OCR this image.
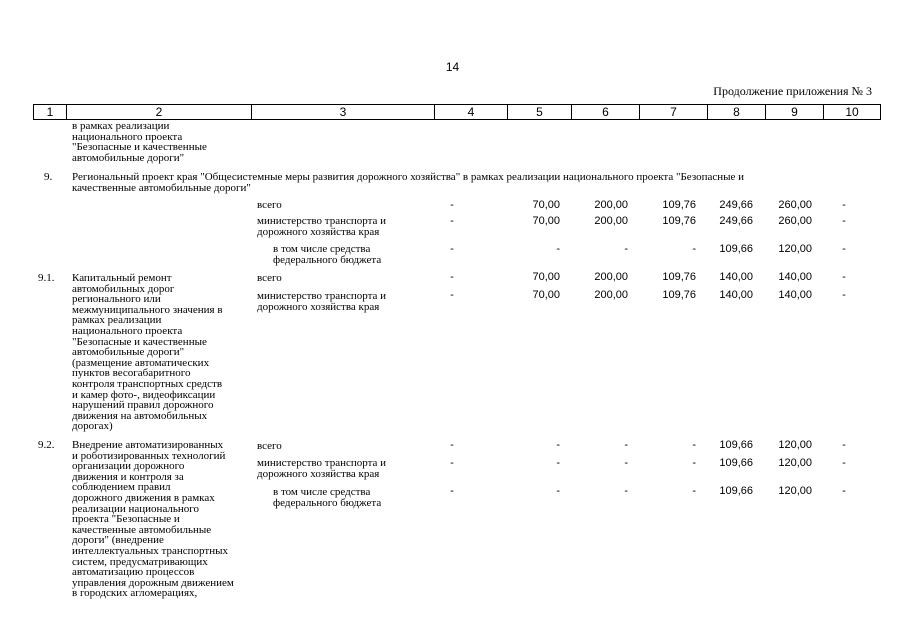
14
Продолжение приложения № 3
1	2	3	4	5	6	7	8	9	10
в рамках реализации
национального проекта
"Безопасные и качественные
автомобильные дороги"
9. Региональный проект края "Общесистемные меры развития дорожного хозяйства" в рамках реализации национального проекта "Безопасные и
качественные автомобильные дороги"
всего	-	70,00	200,00	109,76	249,66	260,00	-
министерство транспорта и
дорожного хозяйства края
-	70,00	200,00	109,76	249,66	260,00	-
в том числе средства
федерального бюджета
-	-	-	-	109,66	120,00	-
9.1. Капитальный ремонт
автомобильных дорог
регионального или
межмуниципального значения в
рамках реализации
национального проекта
"Безопасные и качественные
автомобильные дороги"
(размещение автоматических
пунктов весогабаритного
контроля транспортных средств
и камер фото-, видеофиксации
нарушений правил дорожного
движения на автомобильных
дорогах)
всего	-	70,00	200,00	109,76	140,00	140,00	-
министерство транспорта и
дорожного хозяйства края
-	70,00	200,00	109,76	140,00	140,00	-
9.2. Внедрение автоматизированных
и роботизированных технологий
организации дорожного
движения и контроля за
соблюдением правил
дорожного движения в рамках
реализации национального
проекта "Безопасные и
качественные автомобильные
дороги" (внедрение
интеллектуальных транспортных
систем, предусматривающих
автоматизацию процессов
управления дорожным движением
в городских агломерациях,
всего	-	-	-	-	109,66	120,00	-
министерство транспорта и
дорожного хозяйства края
-	-	-	-	109,66	120,00	-
в том числе средства
федерального бюджета
-	-	-	-	109,66	120,00	-
